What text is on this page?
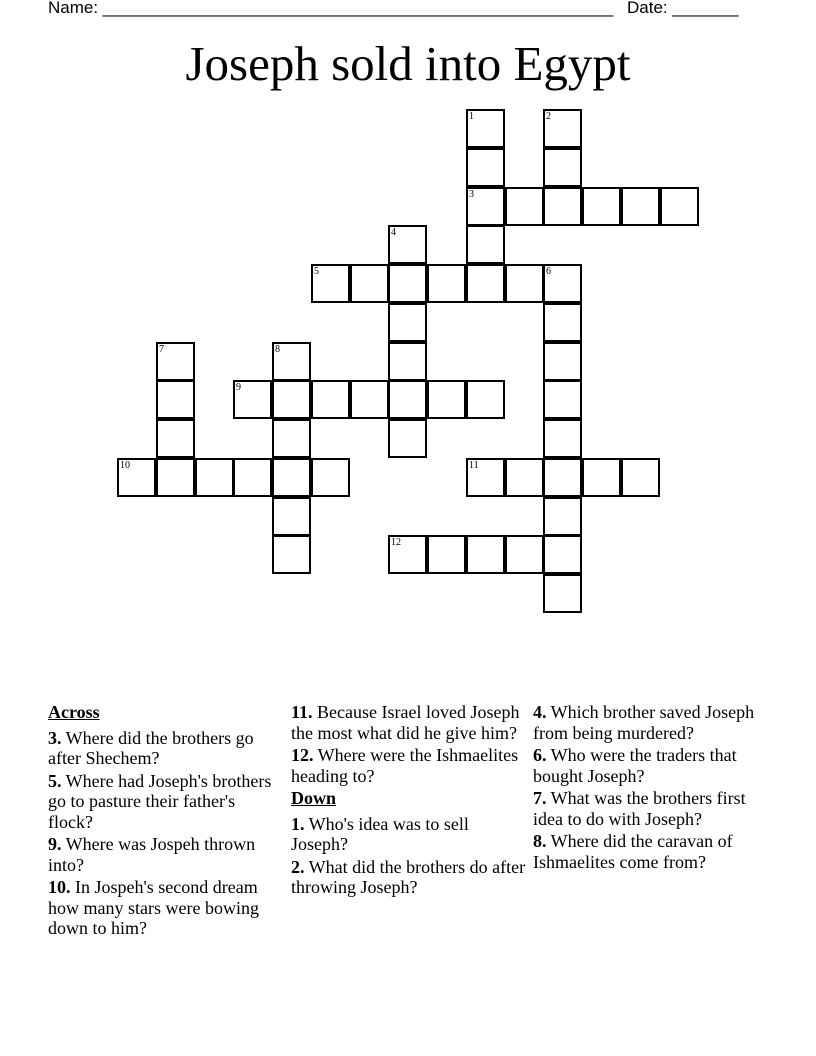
Name: ______________________________________________________ Date: _______
Joseph sold into Egypt
1
3
2
4
5	6
7	8
9
10	11
12
Across
3. Where did the brothers go after Shechem?
5. Where had Joseph's brothers go to pasture their father's flock?
9. Where was Jospeh thrown into?
10. In Jospeh's second dream how many stars were bowing down to him?
11. Because Israel loved Joseph the most what did he give him?
12. Where were the Ishmaelites heading to?
Down
1. Who's idea was to sell Joseph?
2. What did the brothers do after throwing Joseph?
4. Which brother saved Joseph from being murdered?
6. Who were the traders that bought Joseph?
7. What was the brothers first idea to do with Joseph?
8. Where did the caravan of Ishmaelites come from?
